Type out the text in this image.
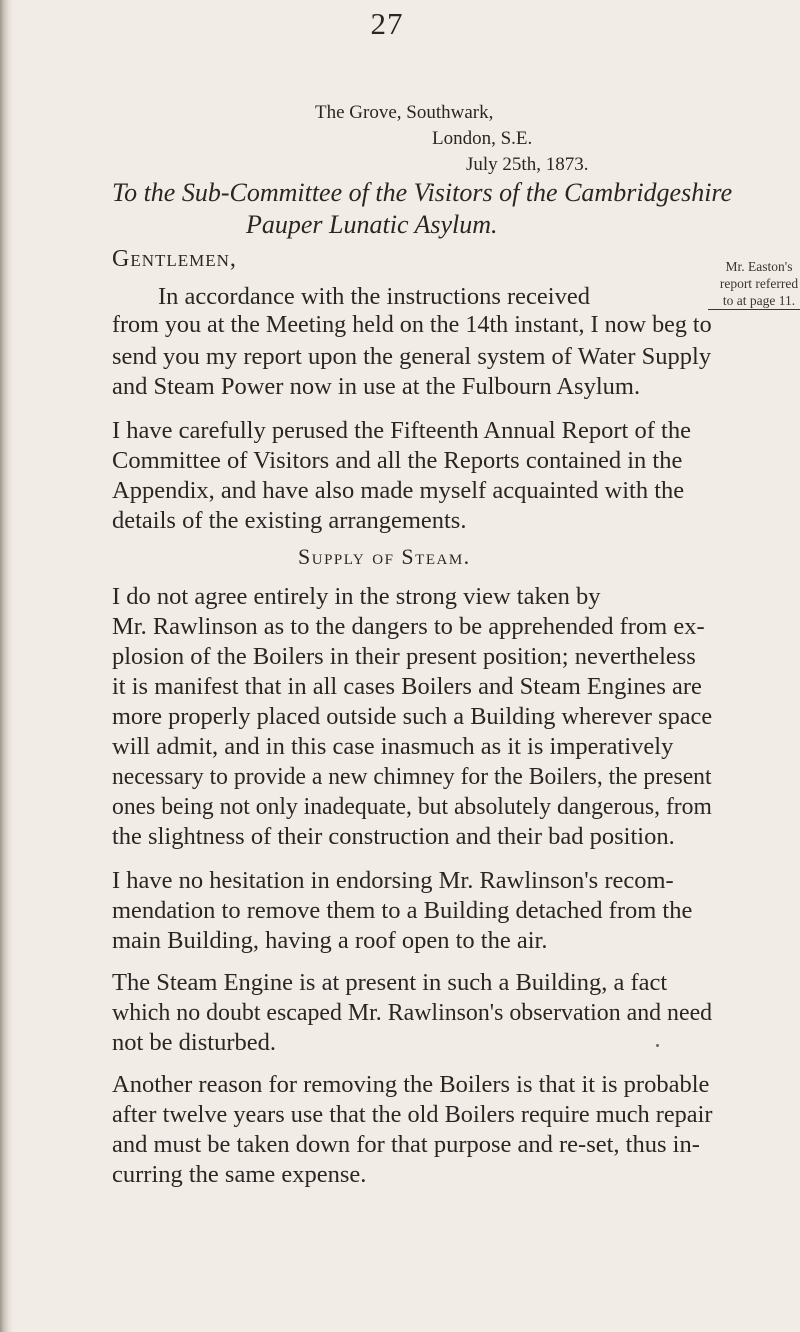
27
The Grove, Southwark,
London, S.E.
July 25th, 1873.
To the Sub-Committee of the Visitors of the Cambridgeshire
Pauper Lunatic Asylum.
Gentlemen,
In accordance with the instructions received
from you at the Meeting held on the 14th instant, I now beg to
send you my report upon the general system of Water Supply
and Steam Power now in use at the Fulbourn Asylum.
Mr. Easton's
report referred
to at page 11.
I have carefully perused the Fifteenth Annual Report of the
Committee of Visitors and all the Reports contained in the
Appendix, and have also made myself acquainted with the
details of the existing arrangements.
Supply of Steam.
I do not agree entirely in the strong view taken by
Mr. Rawlinson as to the dangers to be apprehended from ex-
plosion of the Boilers in their present position; nevertheless
it is manifest that in all cases Boilers and Steam Engines are
more properly placed outside such a Building wherever space
will admit, and in this case inasmuch as it is imperatively
necessary to provide a new chimney for the Boilers, the present
ones being not only inadequate, but absolutely dangerous, from
the slightness of their construction and their bad position.
I have no hesitation in endorsing Mr. Rawlinson's recom-
mendation to remove them to a Building detached from the
main Building, having a roof open to the air.
The Steam Engine is at present in such a Building, a fact
which no doubt escaped Mr. Rawlinson's observation and need
not be disturbed.
Another reason for removing the Boilers is that it is probable
after twelve years use that the old Boilers require much repair
and must be taken down for that purpose and re-set, thus in-
curring the same expense.
